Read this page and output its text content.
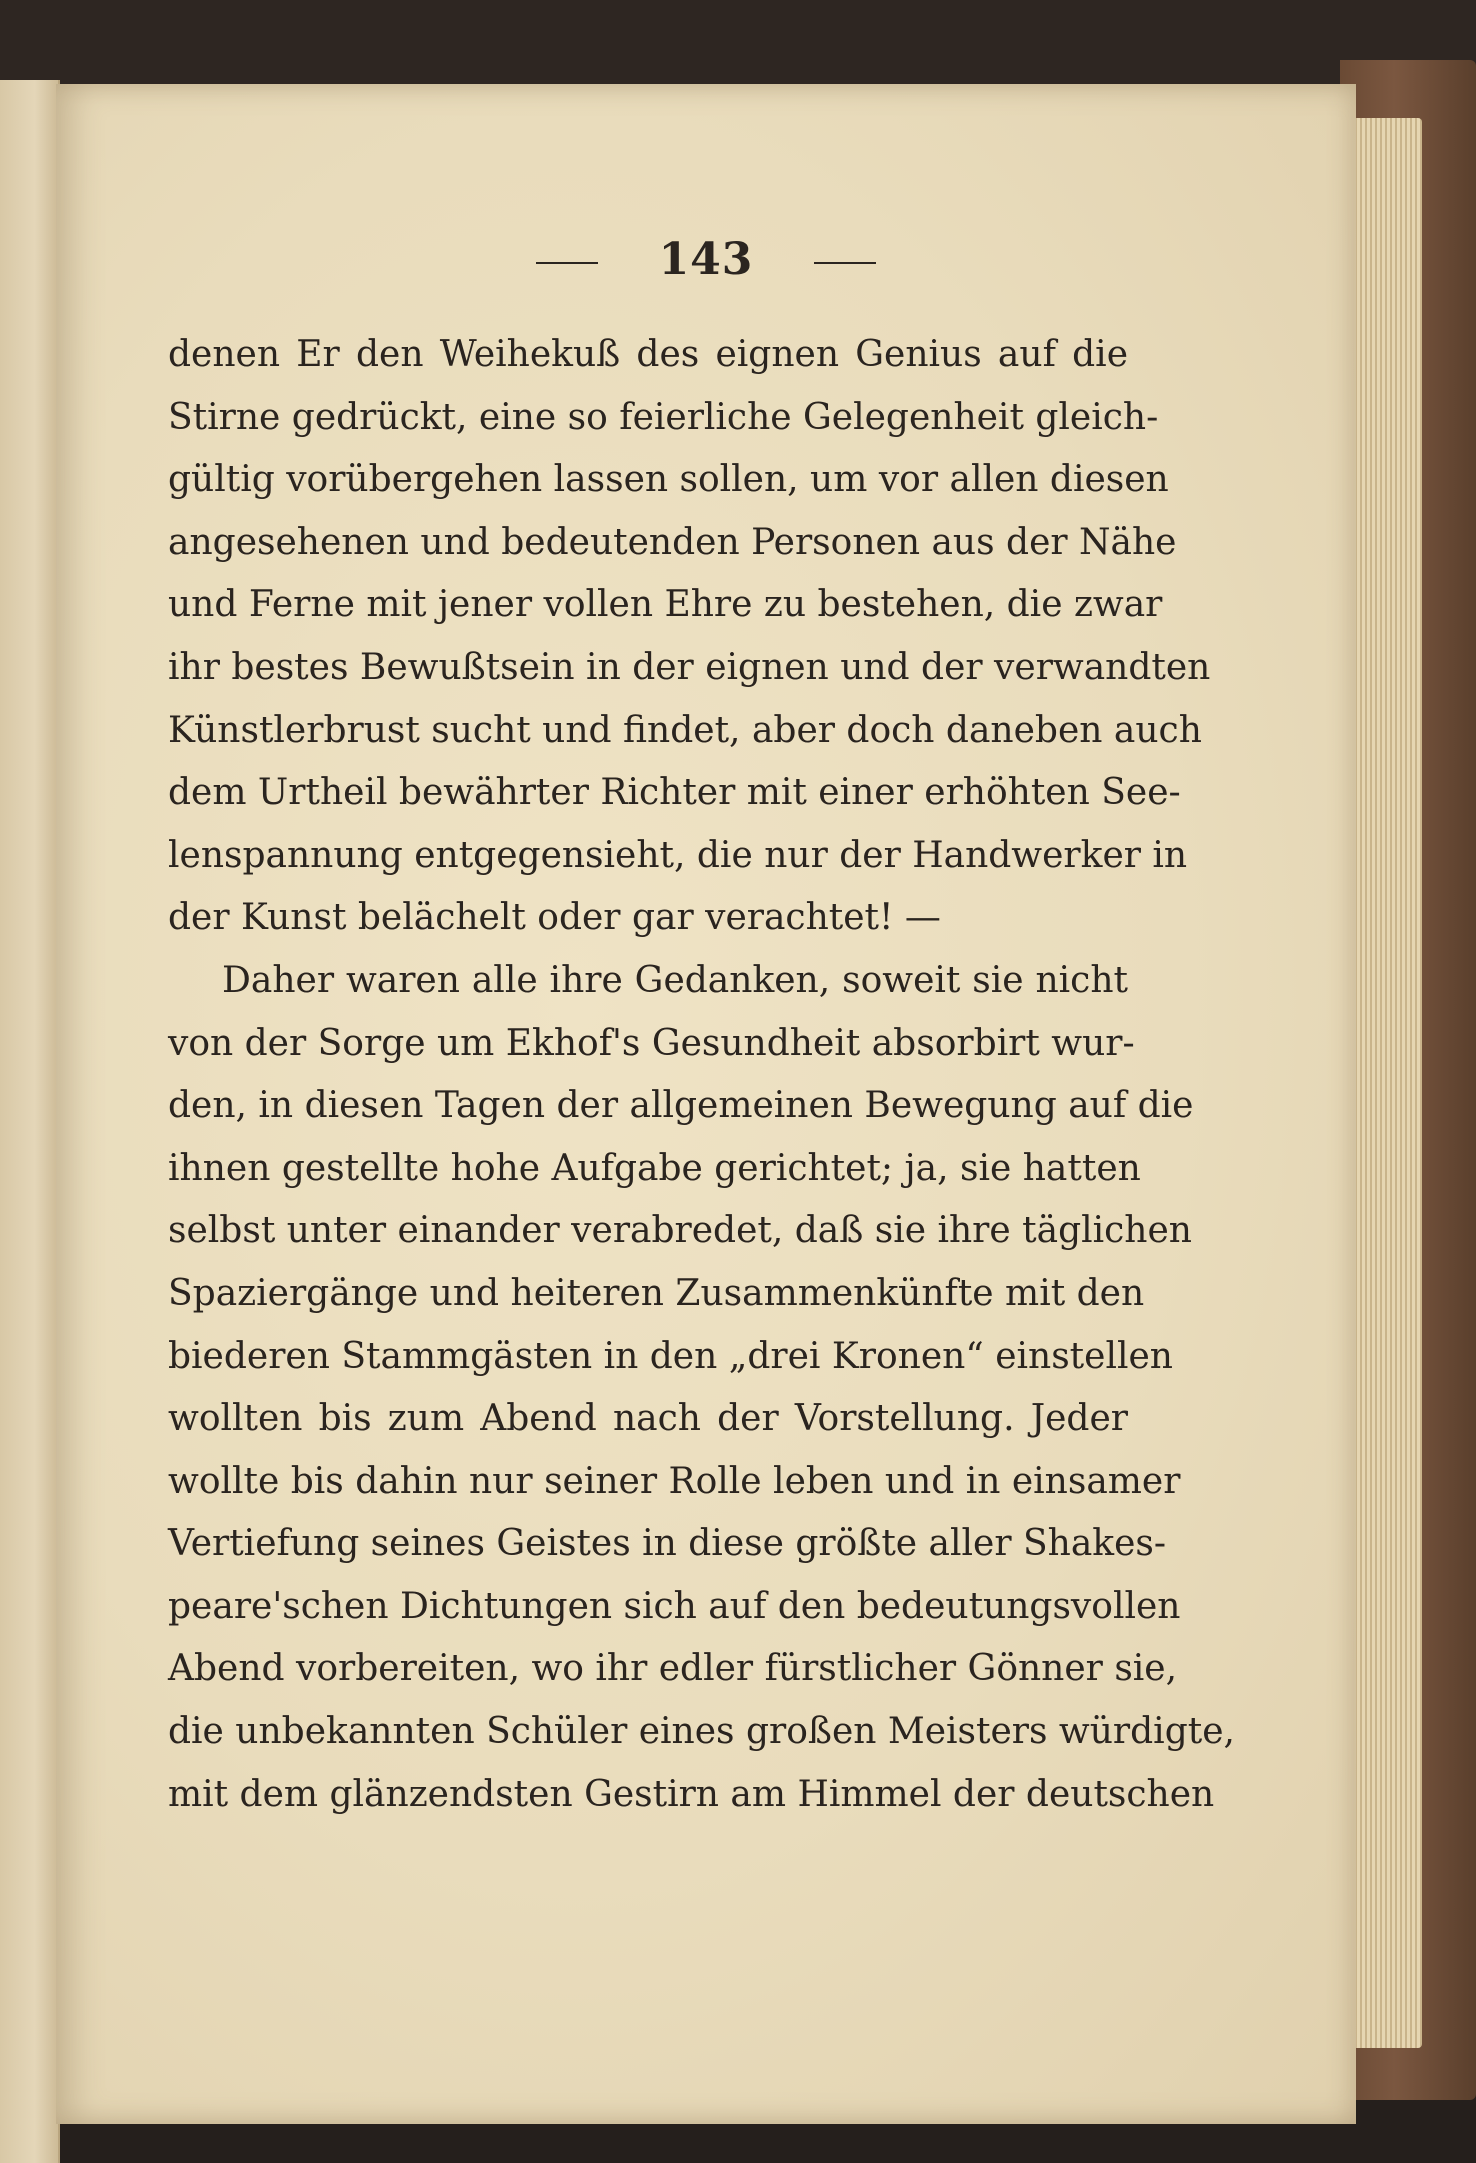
143
denen Er den Weihekuß des eignen Genius auf die
Stirne gedrückt, eine so feierliche Gelegenheit gleich-
gültig vorübergehen lassen sollen, um vor allen diesen
angesehenen und bedeutenden Personen aus der Nähe
und Ferne mit jener vollen Ehre zu bestehen, die zwar
ihr bestes Bewußtsein in der eignen und der verwandten
Künstlerbrust sucht und findet, aber doch daneben auch
dem Urtheil bewährter Richter mit einer erhöhten See-
lenspannung entgegensieht, die nur der Handwerker in
der Kunst belächelt oder gar verachtet! —
Daher waren alle ihre Gedanken, soweit sie nicht
von der Sorge um Ekhof's Gesundheit absorbirt wur-
den, in diesen Tagen der allgemeinen Bewegung auf die
ihnen gestellte hohe Aufgabe gerichtet; ja, sie hatten
selbst unter einander verabredet, daß sie ihre täglichen
Spaziergänge und heiteren Zusammenkünfte mit den
biederen Stammgästen in den „drei Kronen“ einstellen
wollten bis zum Abend nach der Vorstellung. Jeder
wollte bis dahin nur seiner Rolle leben und in einsamer
Vertiefung seines Geistes in diese größte aller Shakes-
peare'schen Dichtungen sich auf den bedeutungsvollen
Abend vorbereiten, wo ihr edler fürstlicher Gönner sie,
die unbekannten Schüler eines großen Meisters würdigte,
mit dem glänzendsten Gestirn am Himmel der deutschen
